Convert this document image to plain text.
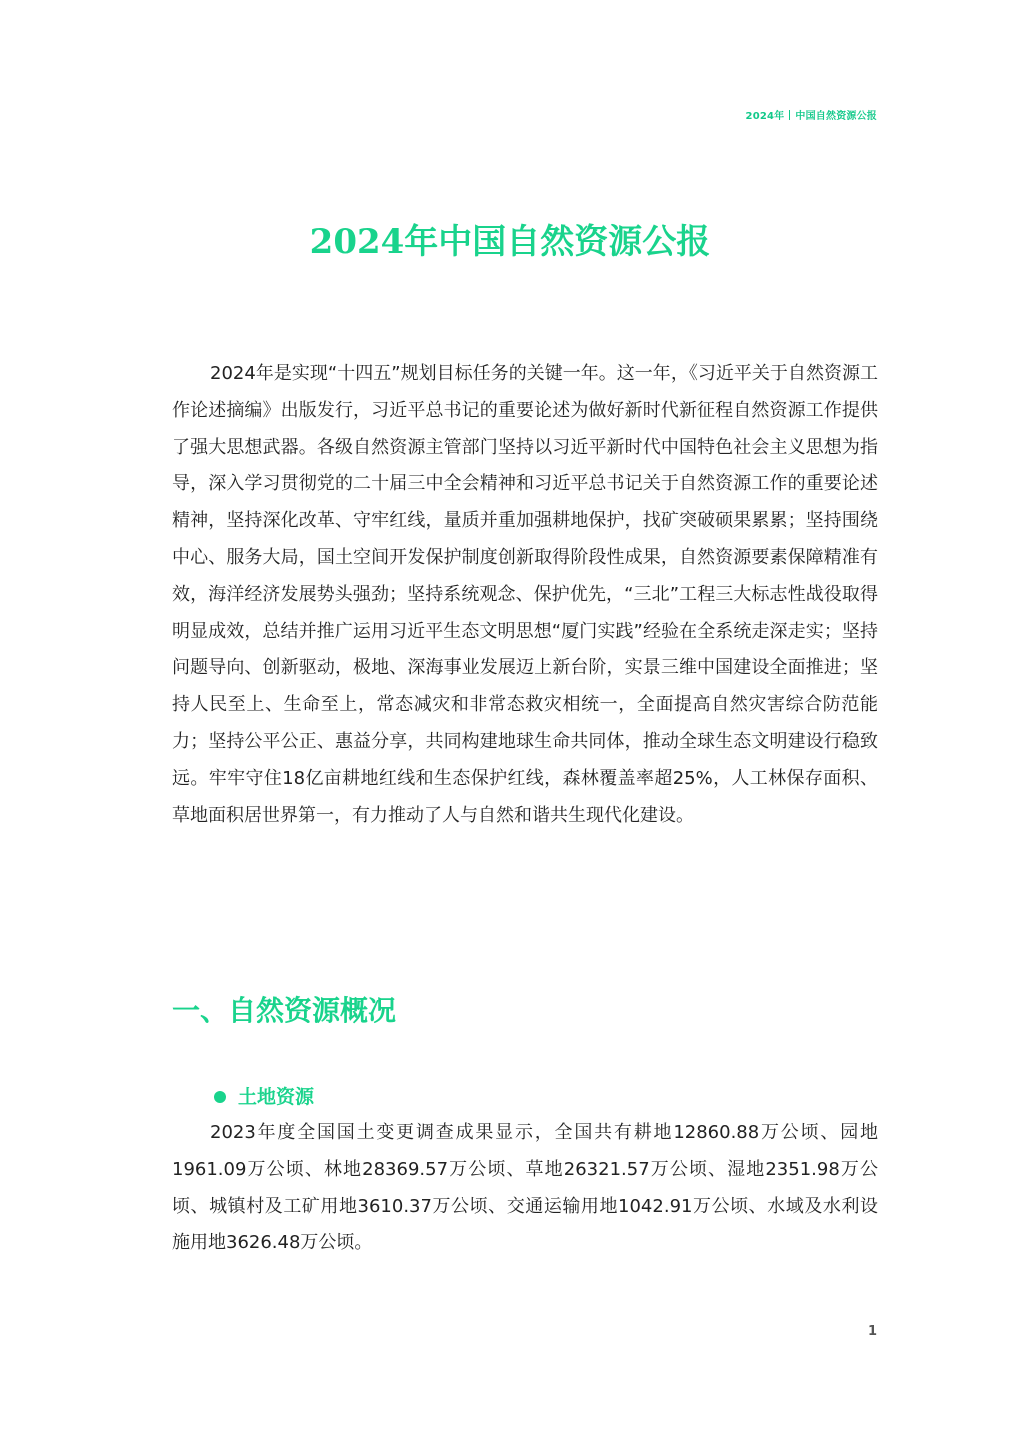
2024年 中国自然资源公报
2024年中国自然资源公报

2024年是实现“十四五”规划目标任务的关键一年。这一年，《习近平关于自然资源工作论述摘编》出版发行，习近平总书记的重要论述为做好新时代新征程自然资源工作提供了强大思想武器。各级自然资源主管部门坚持以习近平新时代中国特色社会主义思想为指导，深入学习贯彻党的二十届三中全会精神和习近平总书记关于自然资源工作的重要论述精神，坚持深化改革、守牢红线，量质并重加强耕地保护，找矿突破硕果累累；坚持围绕中心、服务大局，国土空间开发保护制度创新取得阶段性成果，自然资源要素保障精准有效，海洋经济发展势头强劲；坚持系统观念、保护优先，“三北”工程三大标志性战役取得明显成效，总结并推广运用习近平生态文明思想“厦门实践”经验在全系统走深走实；坚持问题导向、创新驱动，极地、深海事业发展迈上新台阶，实景三维中国建设全面推进；坚持人民至上、生命至上，常态减灾和非常态救灾相统一，全面提高自然灾害综合防范能力；坚持公平公正、惠益分享，共同构建地球生命共同体，推动全球生态文明建设行稳致远。牢牢守住18亿亩耕地红线和生态保护红线，森林覆盖率超25%，人工林保存面积、草地面积居世界第一，有力推动了人与自然和谐共生现代化建设。

一、自然资源概况
土地资源

2023年度全国国土变更调查成果显示，全国共有耕地12860.88万公顷、园地1961.09万公顷、林地28369.57万公顷、草地26321.57万公顷、湿地2351.98万公顷、城镇村及工矿用地3610.37万公顷、交通运输用地1042.91万公顷、水域及水利设施用地3626.48万公顷。

1
